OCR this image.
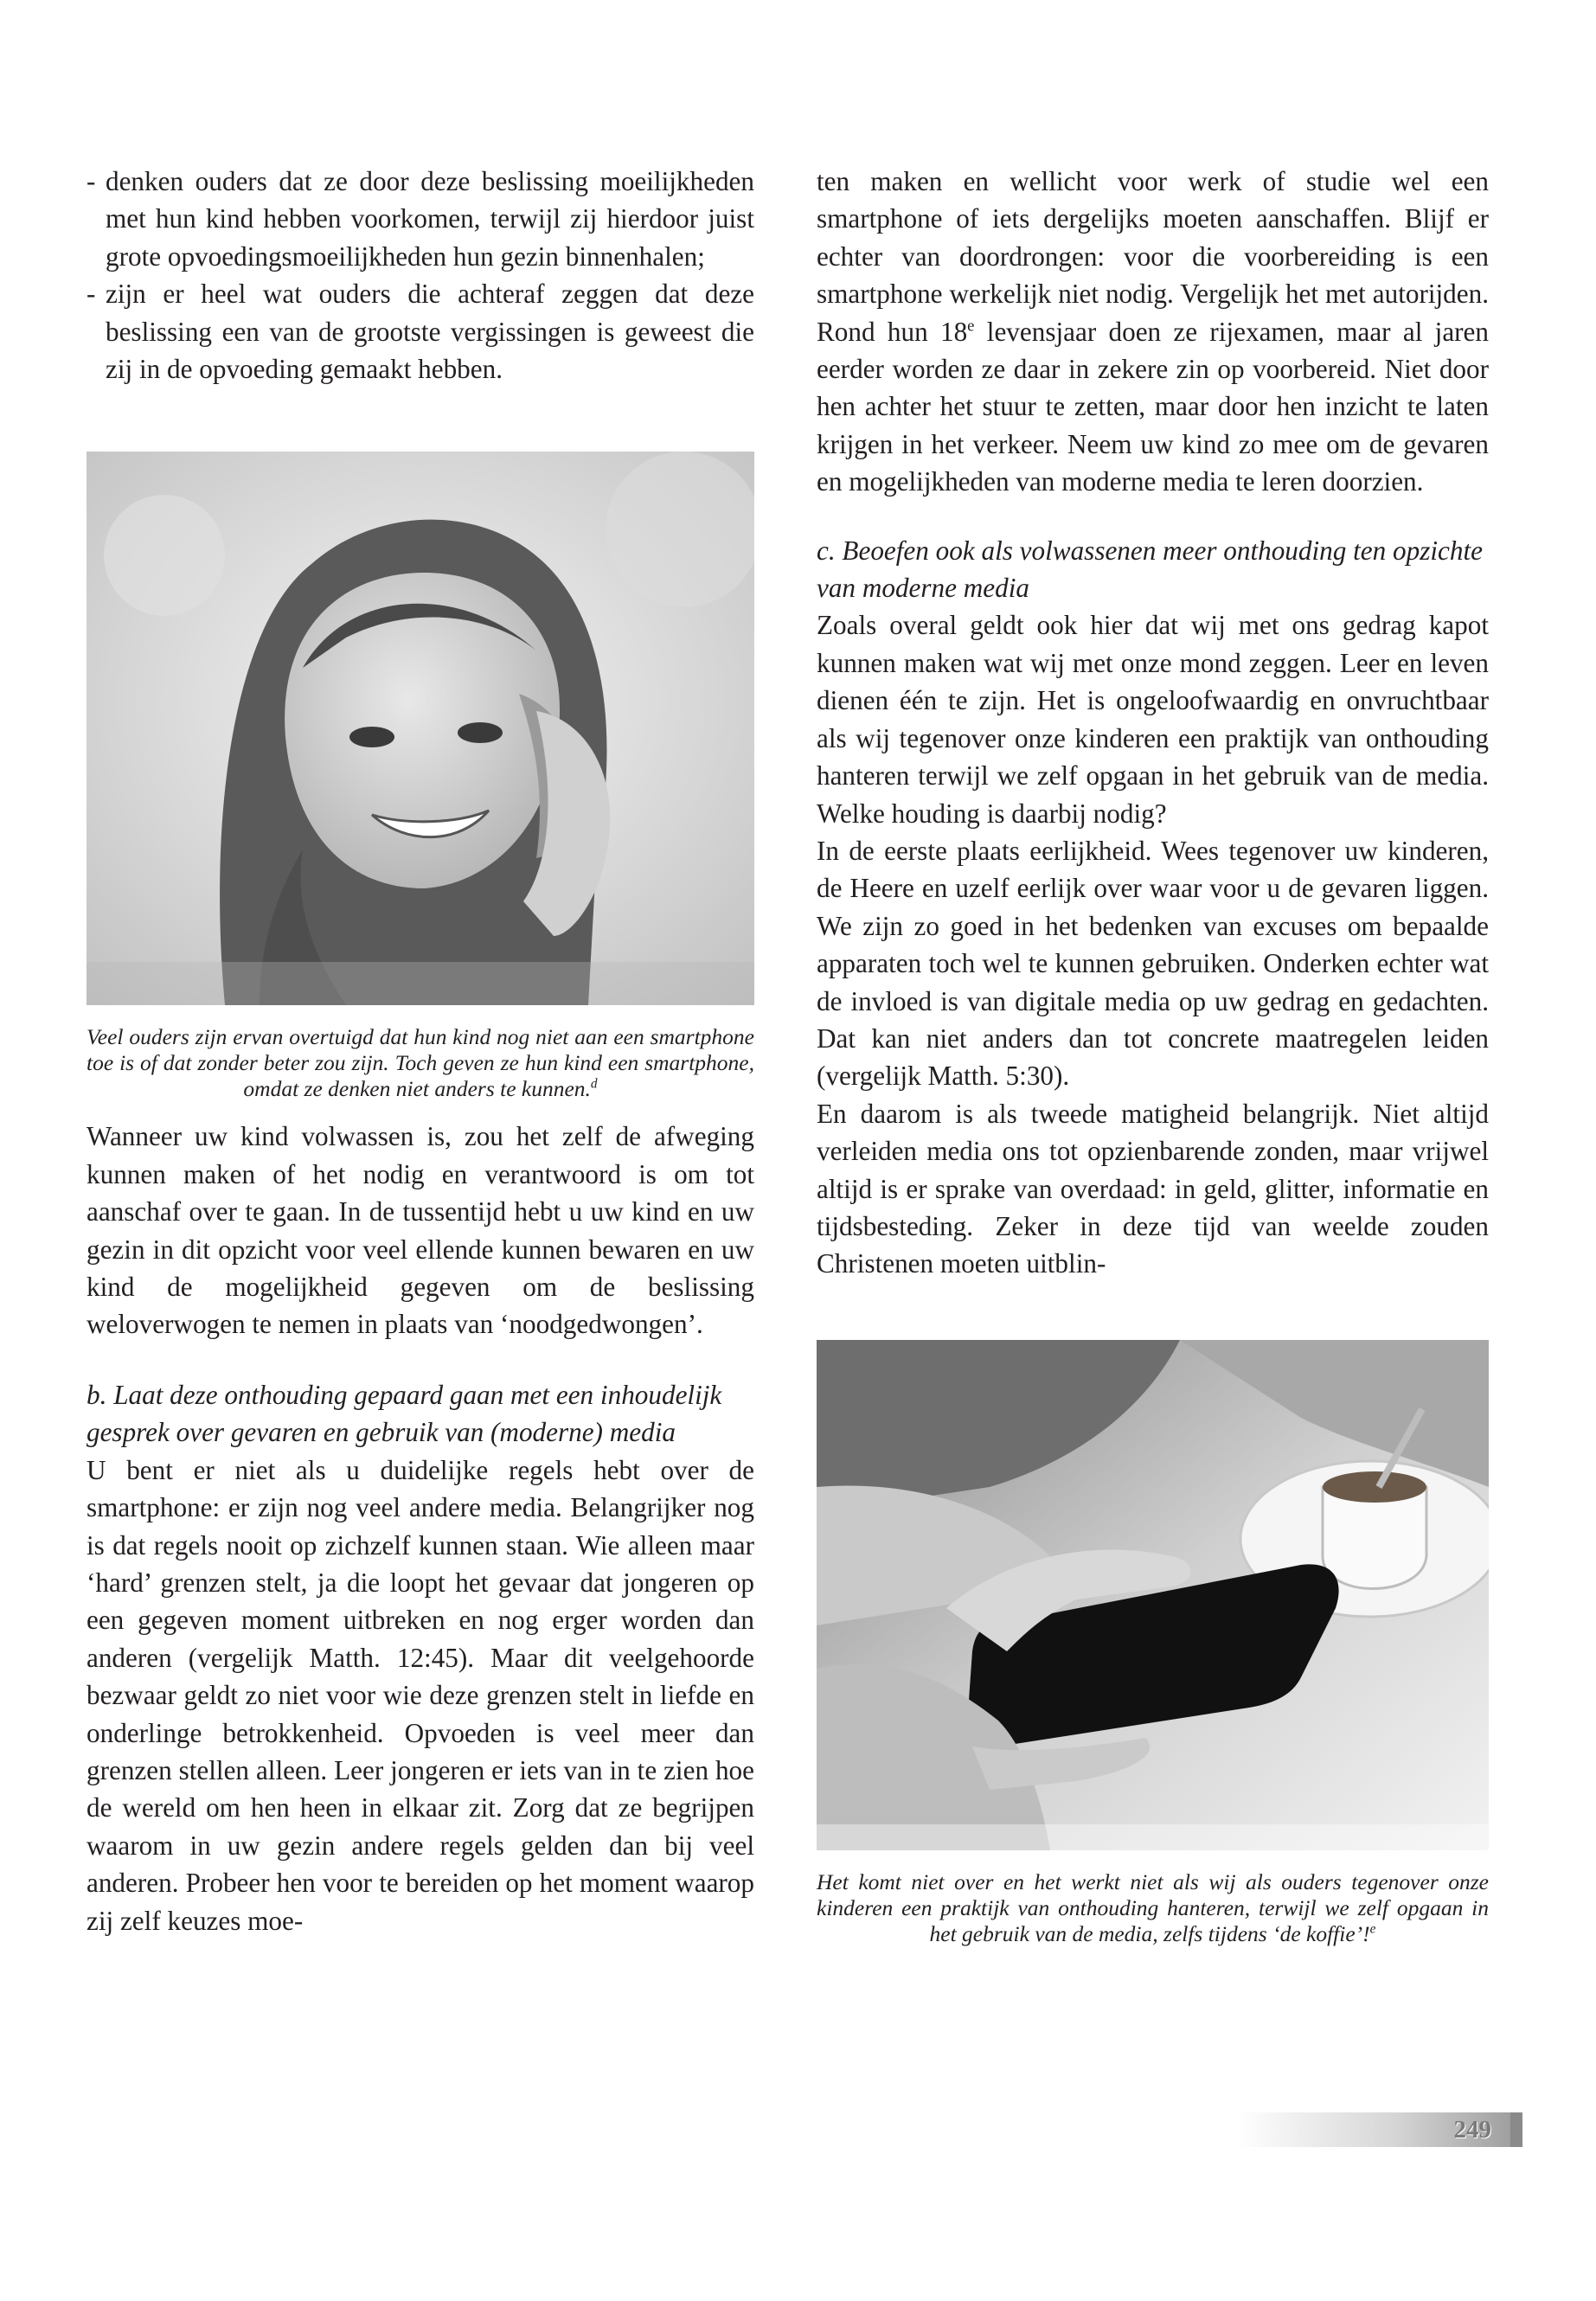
- denken ouders dat ze door deze beslissing moeilijkheden met hun kind hebben voorkomen, terwijl zij hierdoor juist grote opvoedingsmoeilijkheden hun gezin binnenhalen;
- zijn er heel wat ouders die achteraf zeggen dat deze beslissing een van de grootste vergissingen is geweest die zij in de opvoeding gemaakt hebben.

Veel ouders zijn ervan overtuigd dat hun kind nog niet aan een smartphone toe is of dat zonder beter zou zijn. Toch geven ze hun kind een smartphone, omdat ze denken niet anders te kunnen.$^d$

Wanneer uw kind volwassen is, zou het zelf de afweging kunnen maken of het nodig en verantwoord is om tot aanschaf over te gaan. In de tussentijd hebt u uw kind en uw gezin in dit opzicht voor veel ellende kunnen bewaren en uw kind de mogelijkheid gegeven om de beslissing weloverwogen te nemen in plaats van ‘noodgedwongen’.

b. Laat deze onthouding gepaard gaan met een inhoudelijk gesprek over gevaren en gebruik van (moderne) media

U bent er niet als u duidelijke regels hebt over de smartphone: er zijn nog veel andere media. Belangrijker nog is dat regels nooit op zichzelf kunnen staan. Wie alleen maar ‘hard’ grenzen stelt, ja die loopt het gevaar dat jongeren op een gegeven moment uitbreken en nog erger worden dan anderen (vergelijk Matth. 12:45). Maar dit veelgehoorde bezwaar geldt zo niet voor wie deze grenzen stelt in liefde en onderlinge betrokkenheid. Opvoeden is veel meer dan grenzen stellen alleen. Leer jongeren er iets van in te zien hoe de wereld om hen heen in elkaar zit. Zorg dat ze begrijpen waarom in uw gezin andere regels gelden dan bij veel anderen. Probeer hen voor te bereiden op het moment waarop zij zelf keuzes moe-

ten maken en wellicht voor werk of studie wel een smartphone of iets dergelijks moeten aanschaffen. Blijf er echter van doordrongen: voor die voorbereiding is een smartphone werkelijk niet nodig. Vergelijk het met autorijden. Rond hun 18e levensjaar doen ze rijexamen, maar al jaren eerder worden ze daar in zekere zin op voorbereid. Niet door hen achter het stuur te zetten, maar door hen inzicht te laten krijgen in het verkeer. Neem uw kind zo mee om de gevaren en mogelijkheden van moderne media te leren doorzien.

c. Beoefen ook als volwassenen meer onthouding ten opzichte van moderne media

Zoals overal geldt ook hier dat wij met ons gedrag kapot kunnen maken wat wij met onze mond zeggen. Leer en leven dienen één te zijn. Het is ongeloofwaardig en onvruchtbaar als wij tegenover onze kinderen een praktijk van onthouding hanteren terwijl we zelf opgaan in het gebruik van de media. Welke houding is daarbij nodig?

In de eerste plaats eerlijkheid. Wees tegenover uw kinderen, de Heere en uzelf eerlijk over waar voor u de gevaren liggen. We zijn zo goed in het bedenken van excuses om bepaalde apparaten toch wel te kunnen gebruiken. Onderken echter wat de invloed is van digitale media op uw gedrag en gedachten. Dat kan niet anders dan tot concrete maatregelen leiden (vergelijk Matth. 5:30).

En daarom is als tweede matigheid belangrijk. Niet altijd verleiden media ons tot opzienbarende zonden, maar vrijwel altijd is er sprake van overdaad: in geld, glitter, informatie en tijdsbesteding. Zeker in deze tijd van weelde zouden Christenen moeten uitblin-

Het komt niet over en het werkt niet als wij als ouders tegenover onze kinderen een praktijk van onthouding hanteren, terwijl we zelf opgaan in het gebruik van de media, zelfs tijdens ‘de koffie’!$^e$

249
